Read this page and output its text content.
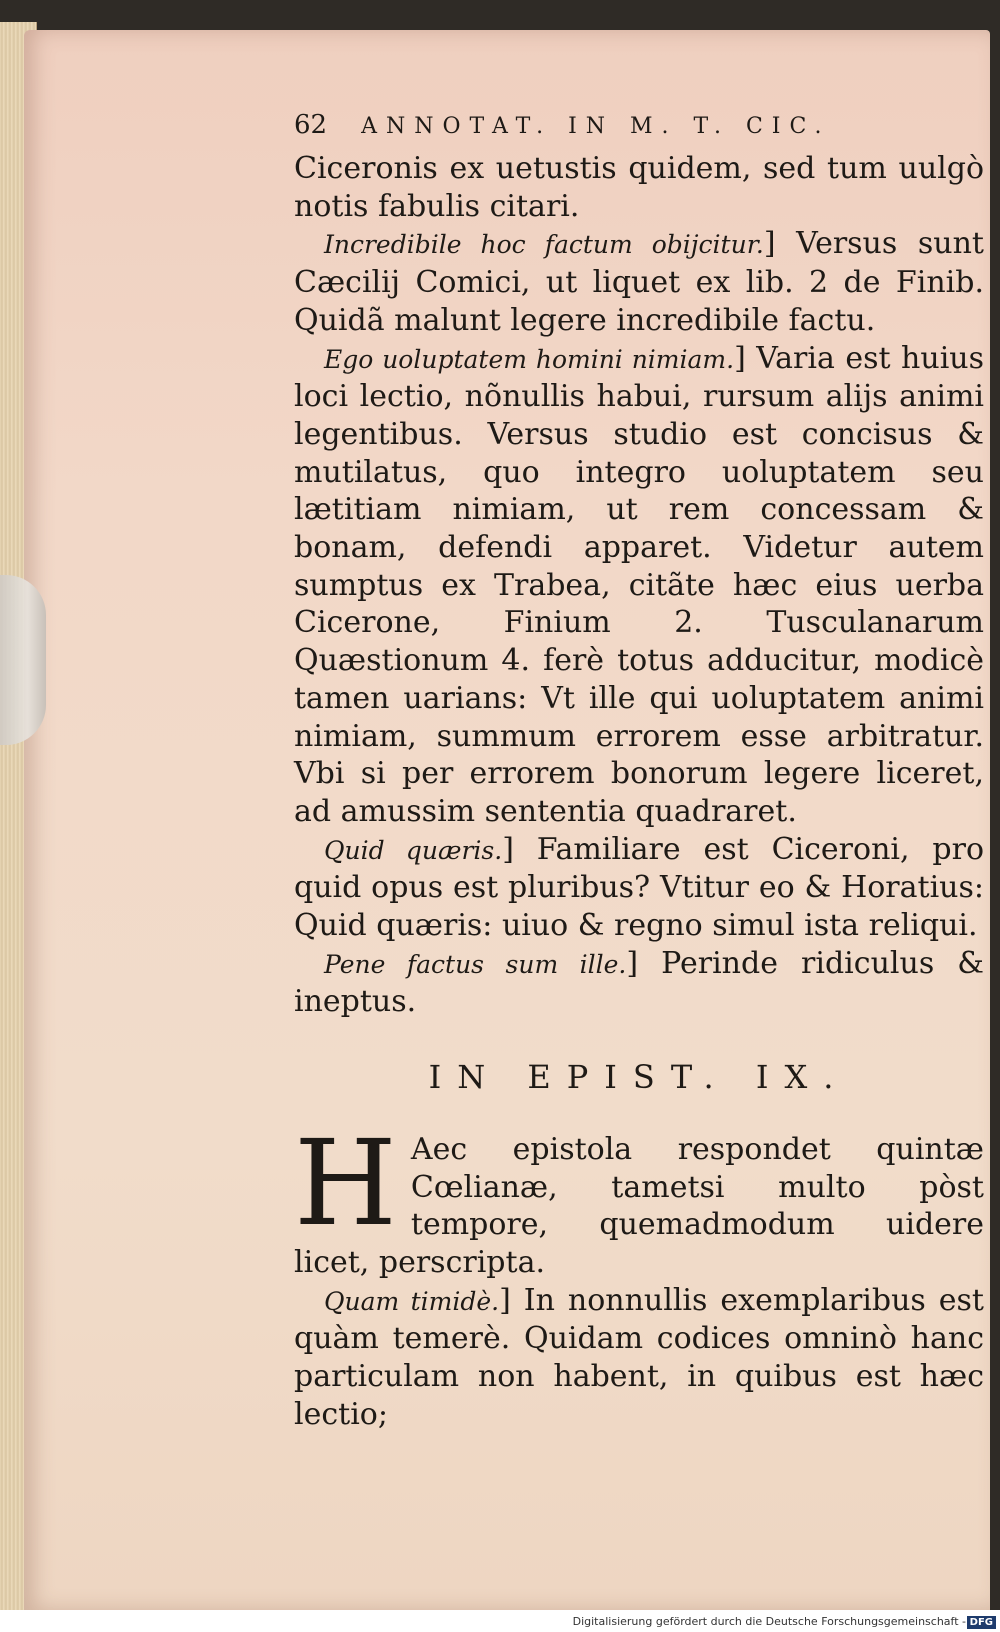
62 ANNOTAT. IN M. T. CIC.

Ciceronis ex uetustis quidem, sed tum uulgò notis fabulis citari.

Incredibile hoc factum obijcitur.] Versus sunt Cæcilij Comici, ut liquet ex lib. 2 de Finib. Quidã malunt legere incredibile factu.

Ego uoluptatem homini nimiam.] Varia est huius loci lectio, nõnullis habui, rursum alijs animi legentibus. Versus studio est concisus & mutilatus, quo integro uoluptatem seu lætitiam nimiam, ut rem concessam & bonam, defendi apparet. Videtur autem sumptus ex Trabea, citãte hæc eius uerba Cicerone, Finium 2. Tusculanarum Quæstionum 4. ferè totus adducitur, modicè tamen uarians: Vt ille qui uoluptatem animi nimiam, summum errorem esse arbitratur. Vbi si per errorem bonorum legere liceret, ad amussim sententia quadraret.

Quid quæris.] Familiare est Ciceroni, pro quid opus est pluribus? Vtitur eo & Horatius: Quid quæris: uiuo & regno simul ista reliqui.

Pene factus sum ille.] Perinde ridiculus & ineptus.

IN EPIST. IX.

H Aec epistola respondet quintæ Cœlianæ, tametsi multo pòst tempore, quemadmodum uidere licet, perscripta.

Quam timidè.] In nonnullis exemplaribus est quàm temerè. Quidam codices omninò hanc particulam non habent, in quibus est hæc lectio;

Digitalisierung gefördert durch die Deutsche Forschungsgemeinschaft - DFG
